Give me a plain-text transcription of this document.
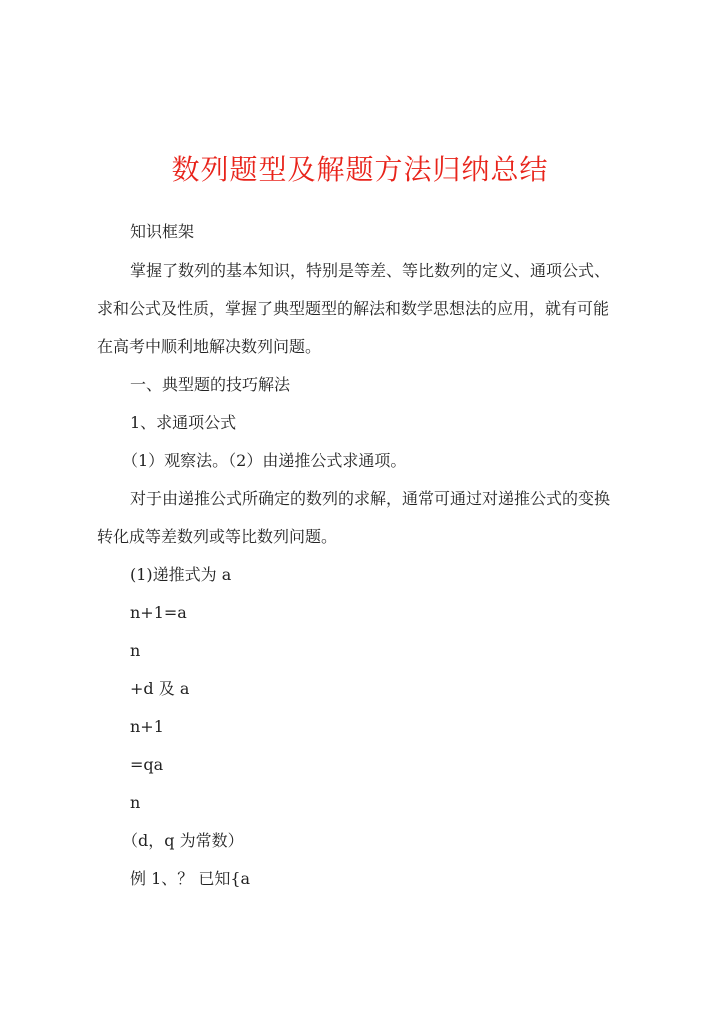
数列题型及解题方法归纳总结

知识框架

掌握了数列的基本知识，特别是等差、等比数列的定义、通项公式、

求和公式及性质，掌握了典型题型的解法和数学思想法的应用，就有可能

在高考中顺利地解决数列问题。

一、典型题的技巧解法

1、求通项公式

（1）观察法。（2）由递推公式求通项。

对于由递推公式所确定的数列的求解，通常可通过对递推公式的变换

转化成等差数列或等比数列问题。

(1)递推式为 a

n+1=a

n

+d 及 a

n+1

=qa

n

（d，q 为常数）

例 1、？ 已知{a
